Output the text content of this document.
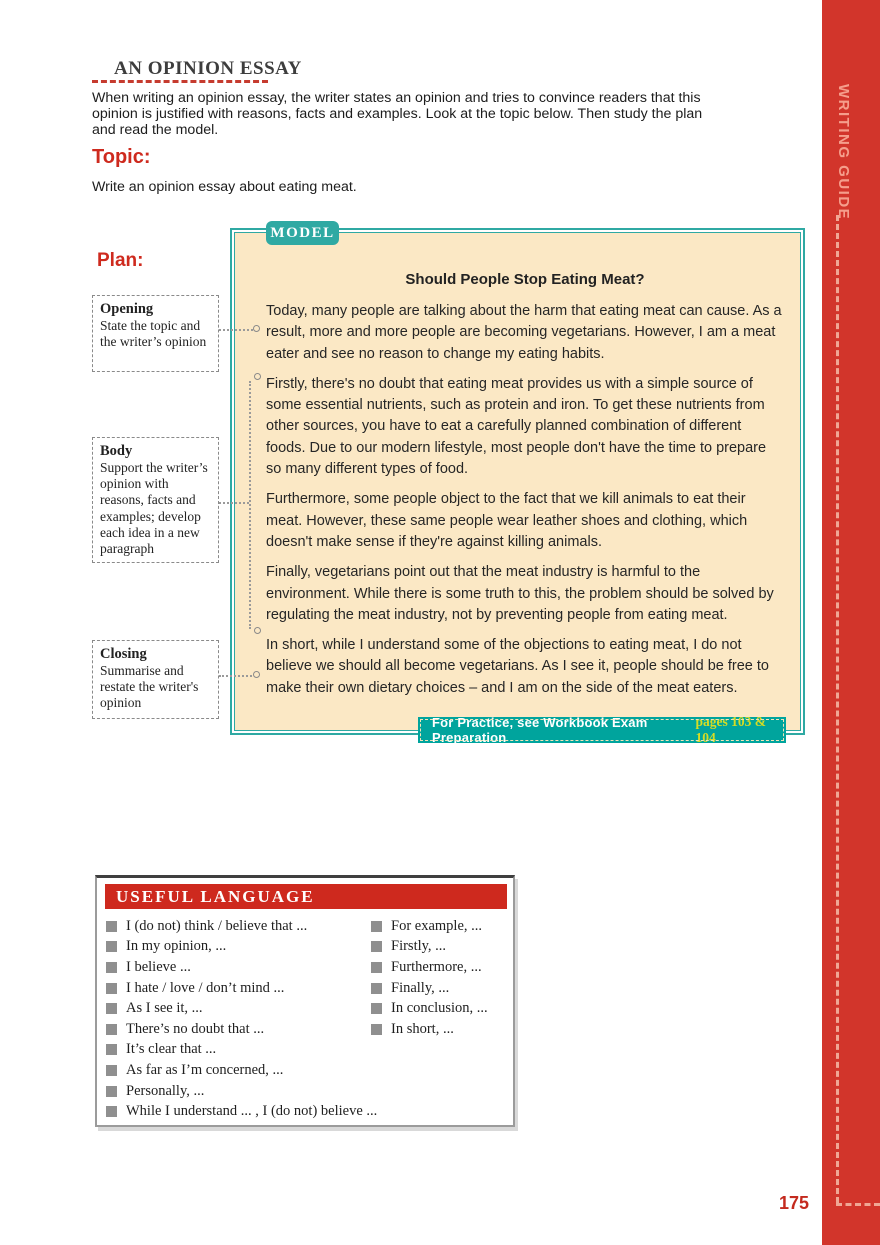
AN OPINION ESSAY

When writing an opinion essay, the writer states an opinion and tries to convince readers that this opinion is justified with reasons, facts and examples. Look at the topic below. Then study the plan and read the model.

Topic:

Write an opinion essay about eating meat.

Plan:
Opening
State the topic and the writer’s opinion
Body
Support the writer’s opinion with reasons, facts and examples; develop each idea in a new paragraph
Closing
Summarise and restate the writer's opinion
Should People Stop Eating Meat?

Today, many people are talking about the harm that eating meat can cause. As a result, more and more people are becoming vegetarians. However, I am a meat eater and see no reason to change my eating habits.

Firstly, there's no doubt that eating meat provides us with a simple source of some essential nutrients, such as protein and iron. To get these nutrients from other sources, you have to eat a carefully planned combination of different foods. Due to our modern lifestyle, most people don't have the time to prepare so many different types of food.

Furthermore, some people object to the fact that we kill animals to eat their meat. However, these same people wear leather shoes and clothing, which doesn't make sense if they're against killing animals.

Finally, vegetarians point out that the meat industry is harmful to the environment. While there is some truth to this, the problem should be solved by regulating the meat industry, not by preventing people from eating meat.

In short, while I understand some of the objections to eating meat, I do not believe we should all become vegetarians. As I see it, people should be free to make their own dietary choices – and I am on the side of the meat eaters.

MODEL
For Practice, see Workbook Exam Preparation
pages 103 & 104
USEFUL LANGUAGE
I (do not) think / believe that ...
In my opinion, ...
I believe ...
I hate / love / don’t mind ...
As I see it, ...
There’s no doubt that ...
It’s clear that ...
As far as I’m concerned, ...
Personally, ...
While I understand ... , I (do not) believe ...
For example, ...
Firstly, ...
Furthermore, ...
Finally, ...
In conclusion, ...
In short, ...
WRITING GUIDE
175
